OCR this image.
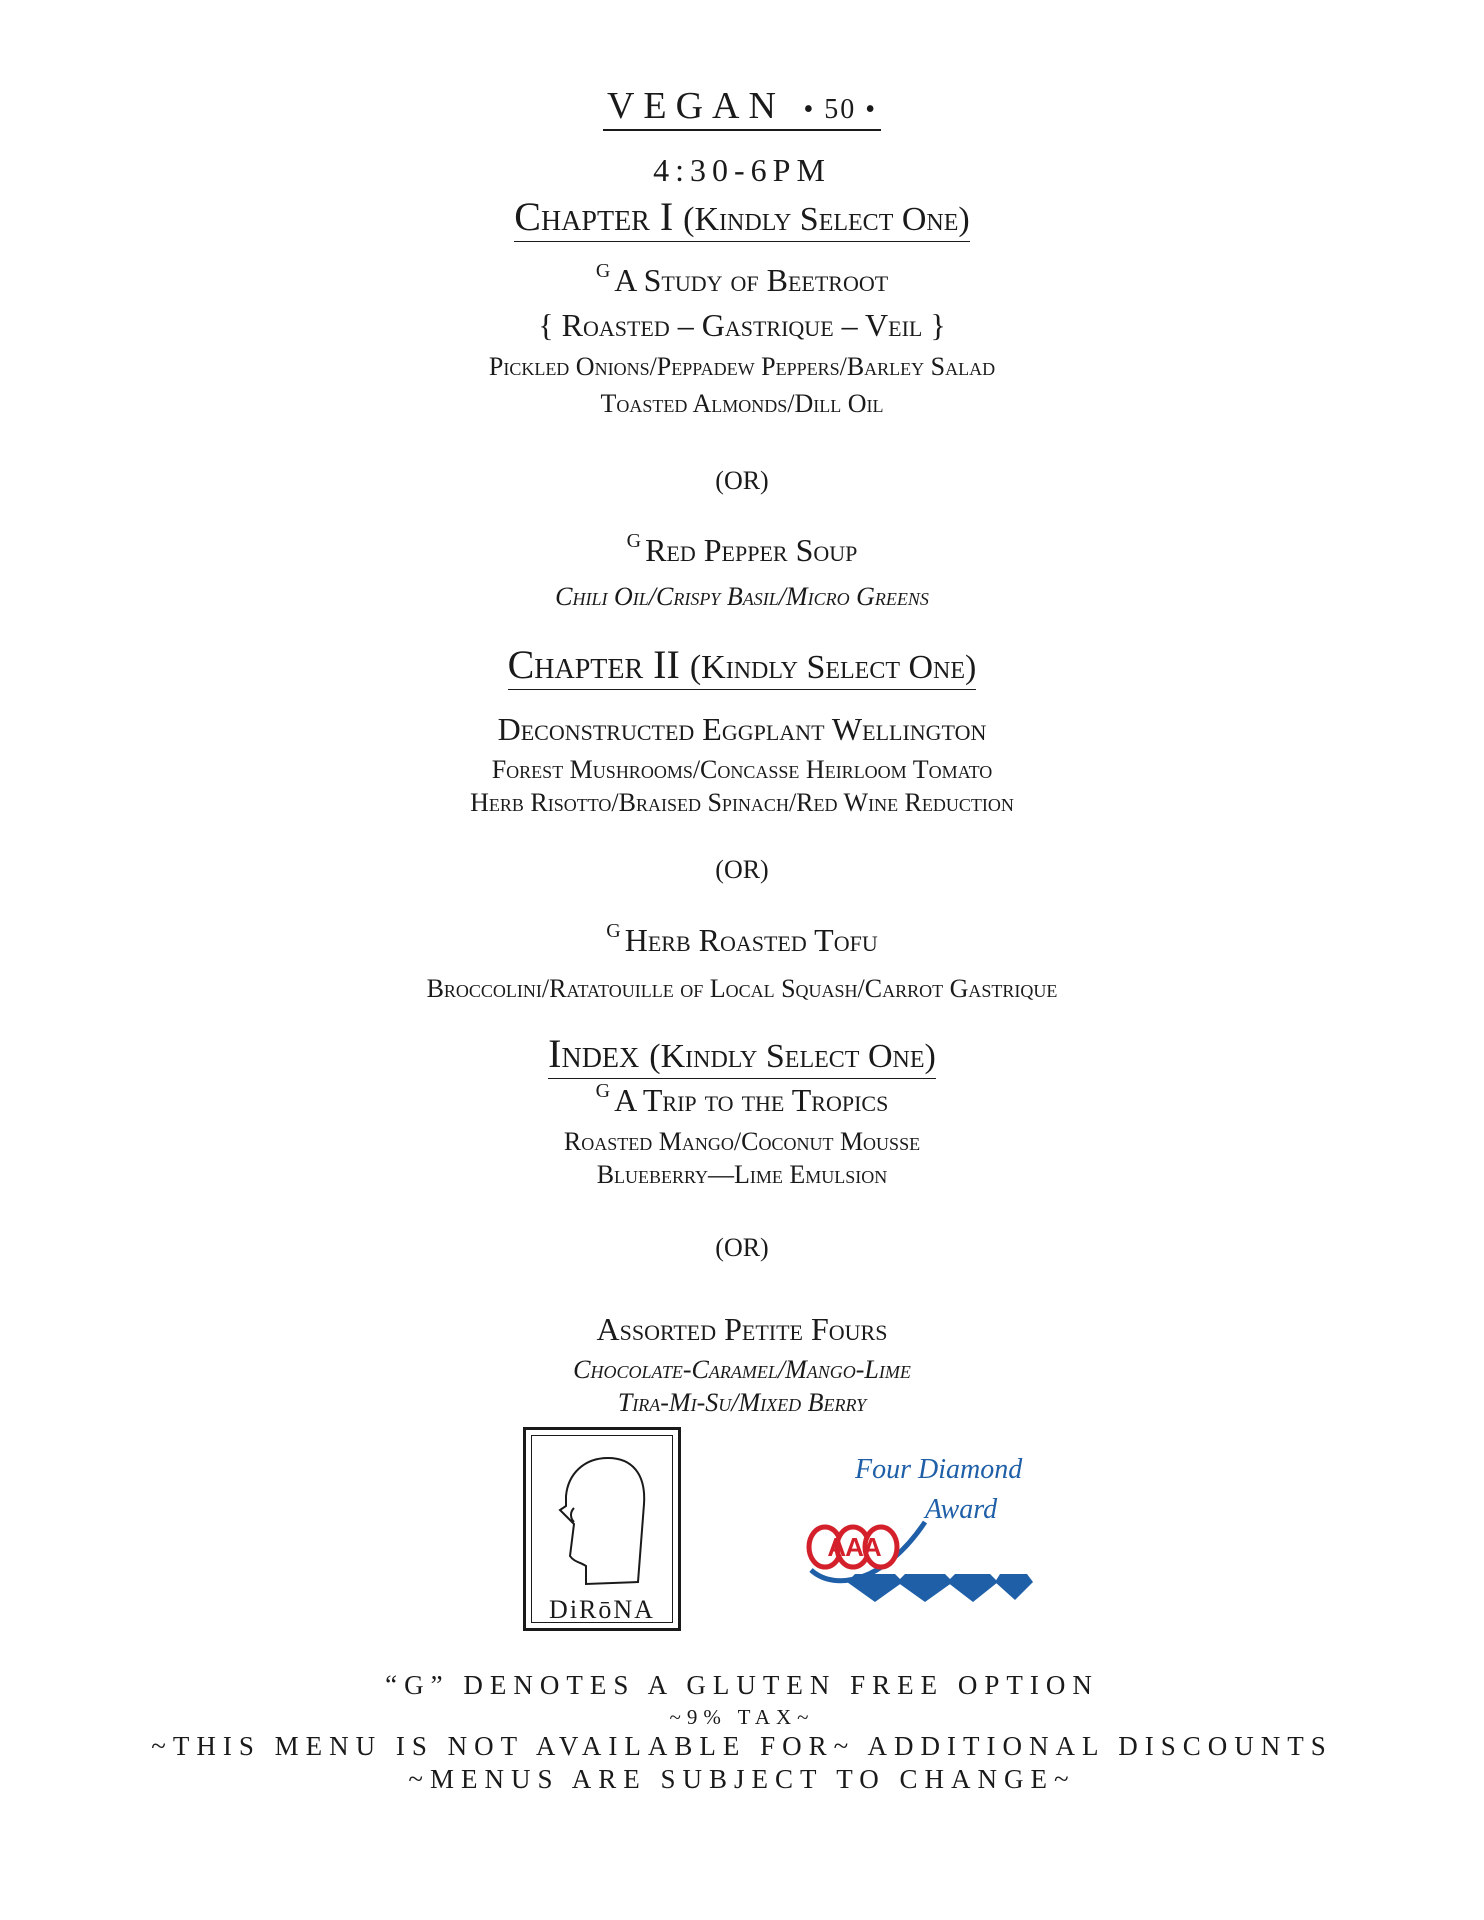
VEGAN • 50 •
4:30-6PM
Chapter I (Kindly Select One)
$^G$ A Study of Beetroot
{ Roasted – Gastrique – Veil }
Pickled Onions/Peppadew Peppers/Barley Salad
Toasted Almonds/Dill Oil
(OR)
$^G$ Red Pepper Soup
Chili Oil/Crispy Basil/Micro Greens
Chapter II (Kindly Select One)
Deconstructed Eggplant Wellington
Forest Mushrooms/Concasse Heirloom Tomato
Herb Risotto/Braised Spinach/Red Wine Reduction
(OR)
$^G$ Herb Roasted Tofu
Broccolini/Ratatouille of Local Squash/Carrot Gastrique
Index (Kindly Select One)
$^G$ A Trip to the Tropics
Roasted Mango/Coconut Mousse
Blueberry—Lime Emulsion
(OR)
Assorted Petite Fours
Chocolate-Caramel/Mango-Lime
Tira-Mi-Su/Mixed Berry
DiRōNA
Four Diamond
Award
AAA
“G” DENOTES A GLUTEN FREE OPTION
~9% TAX~
~THIS MENU IS NOT AVAILABLE FOR~ ADDITIONAL DISCOUNTS
~MENUS ARE SUBJECT TO CHANGE~
